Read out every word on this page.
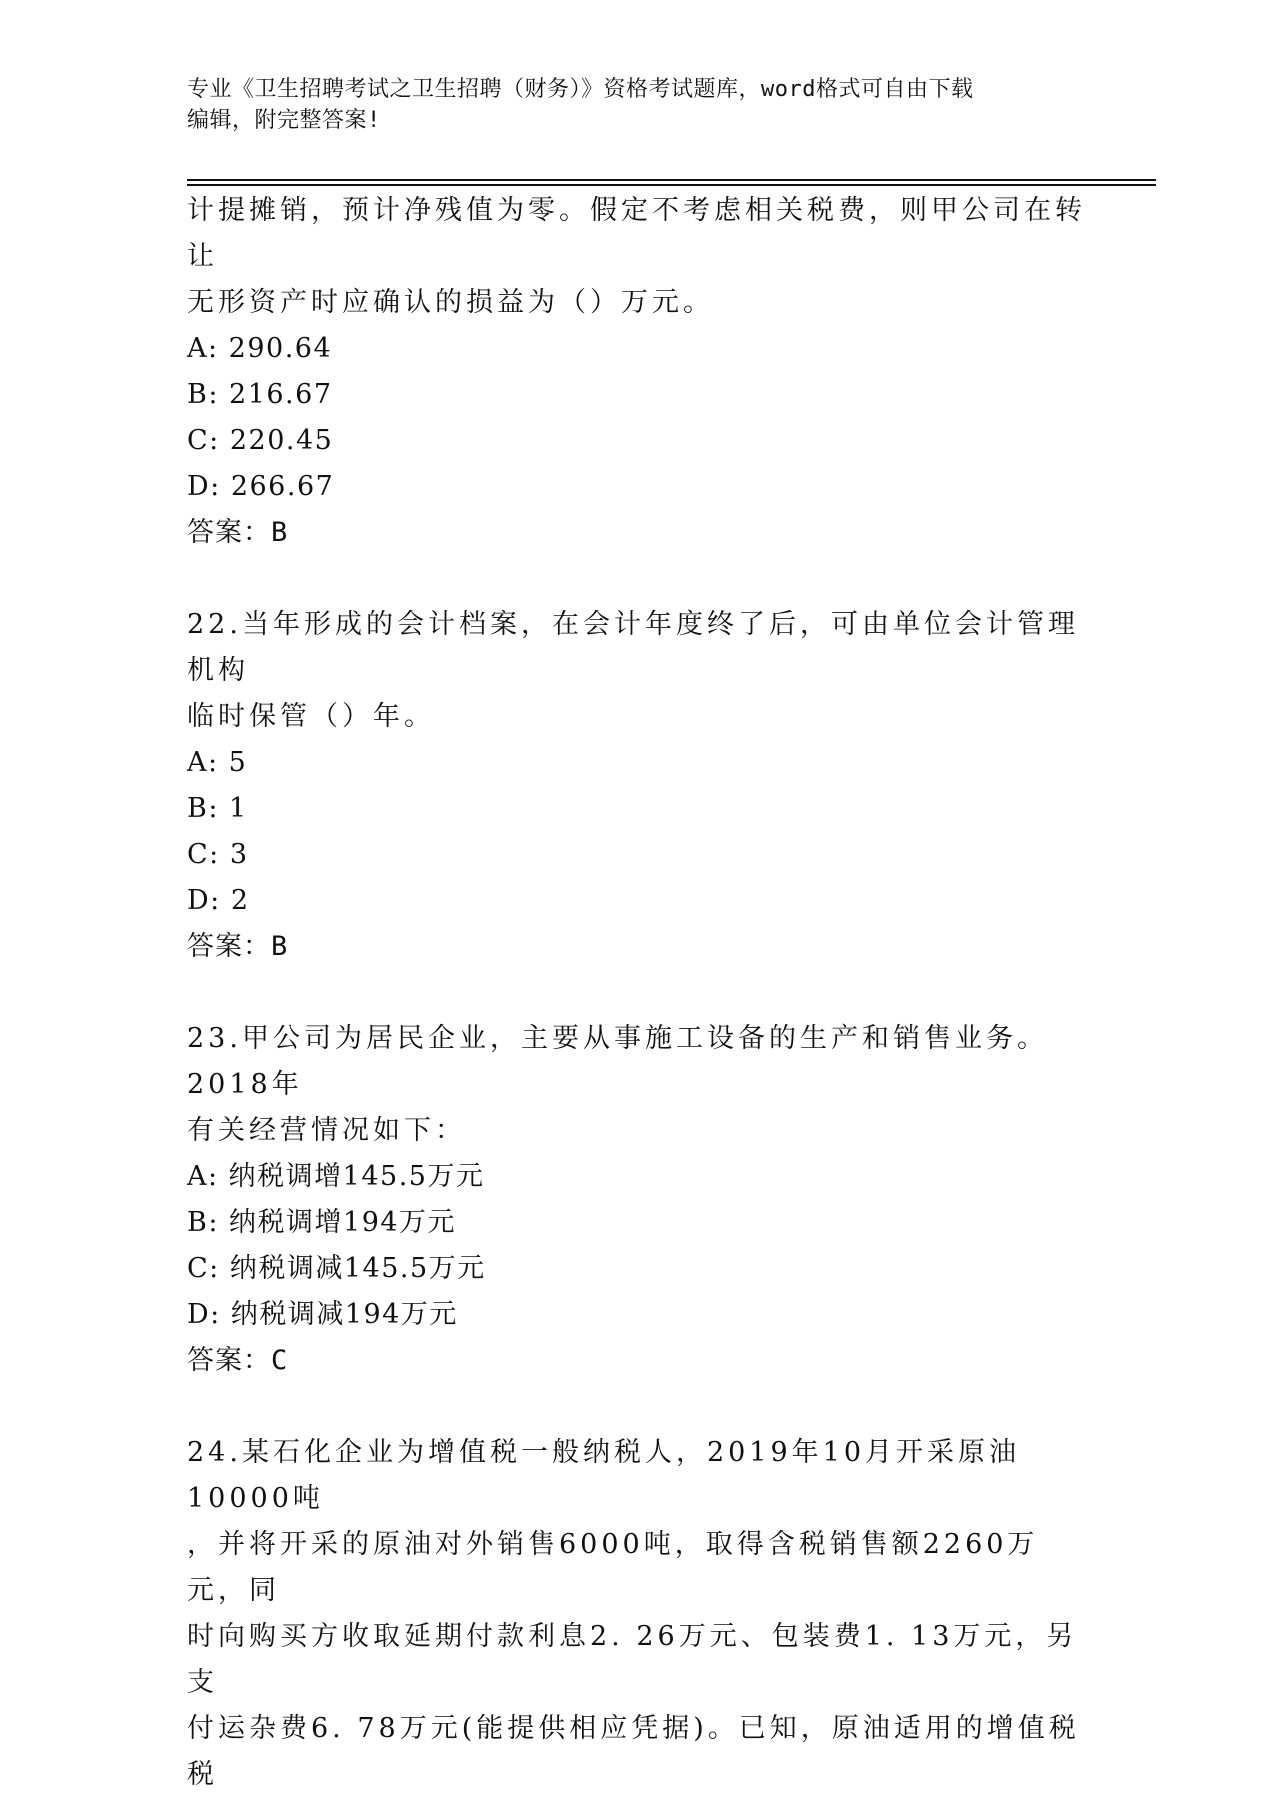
专业《卫生招聘考试之卫生招聘（财务）》资格考试题库，word格式可自由下载
编辑，附完整答案!

计提摊销，预计净残值为零。假定不考虑相关税费，则甲公司在转让

无形资产时应确认的损益为（）万元。

A: 290.64

B: 216.67

C: 220.45

D: 266.67

答案：B

22.当年形成的会计档案，在会计年度终了后，可由单位会计管理机构

临时保管（）年。

A: 5

B: 1

C: 3

D: 2

答案：B

23.甲公司为居民企业，主要从事施工设备的生产和销售业务。2018年

有关经营情况如下：

A: 纳税调增145.5万元

B: 纳税调增194万元

C: 纳税调减145.5万元

D: 纳税调减194万元

答案：C

24.某石化企业为增值税一般纳税人，2019年10月开采原油10000吨

，并将开采的原油对外销售6000吨，取得含税销售额2260万元，同

时向购买方收取延期付款利息2. 26万元、包装费1. 13万元，另支

付运杂费6. 78万元(能提供相应凭据)。已知，原油适用的增值税税
